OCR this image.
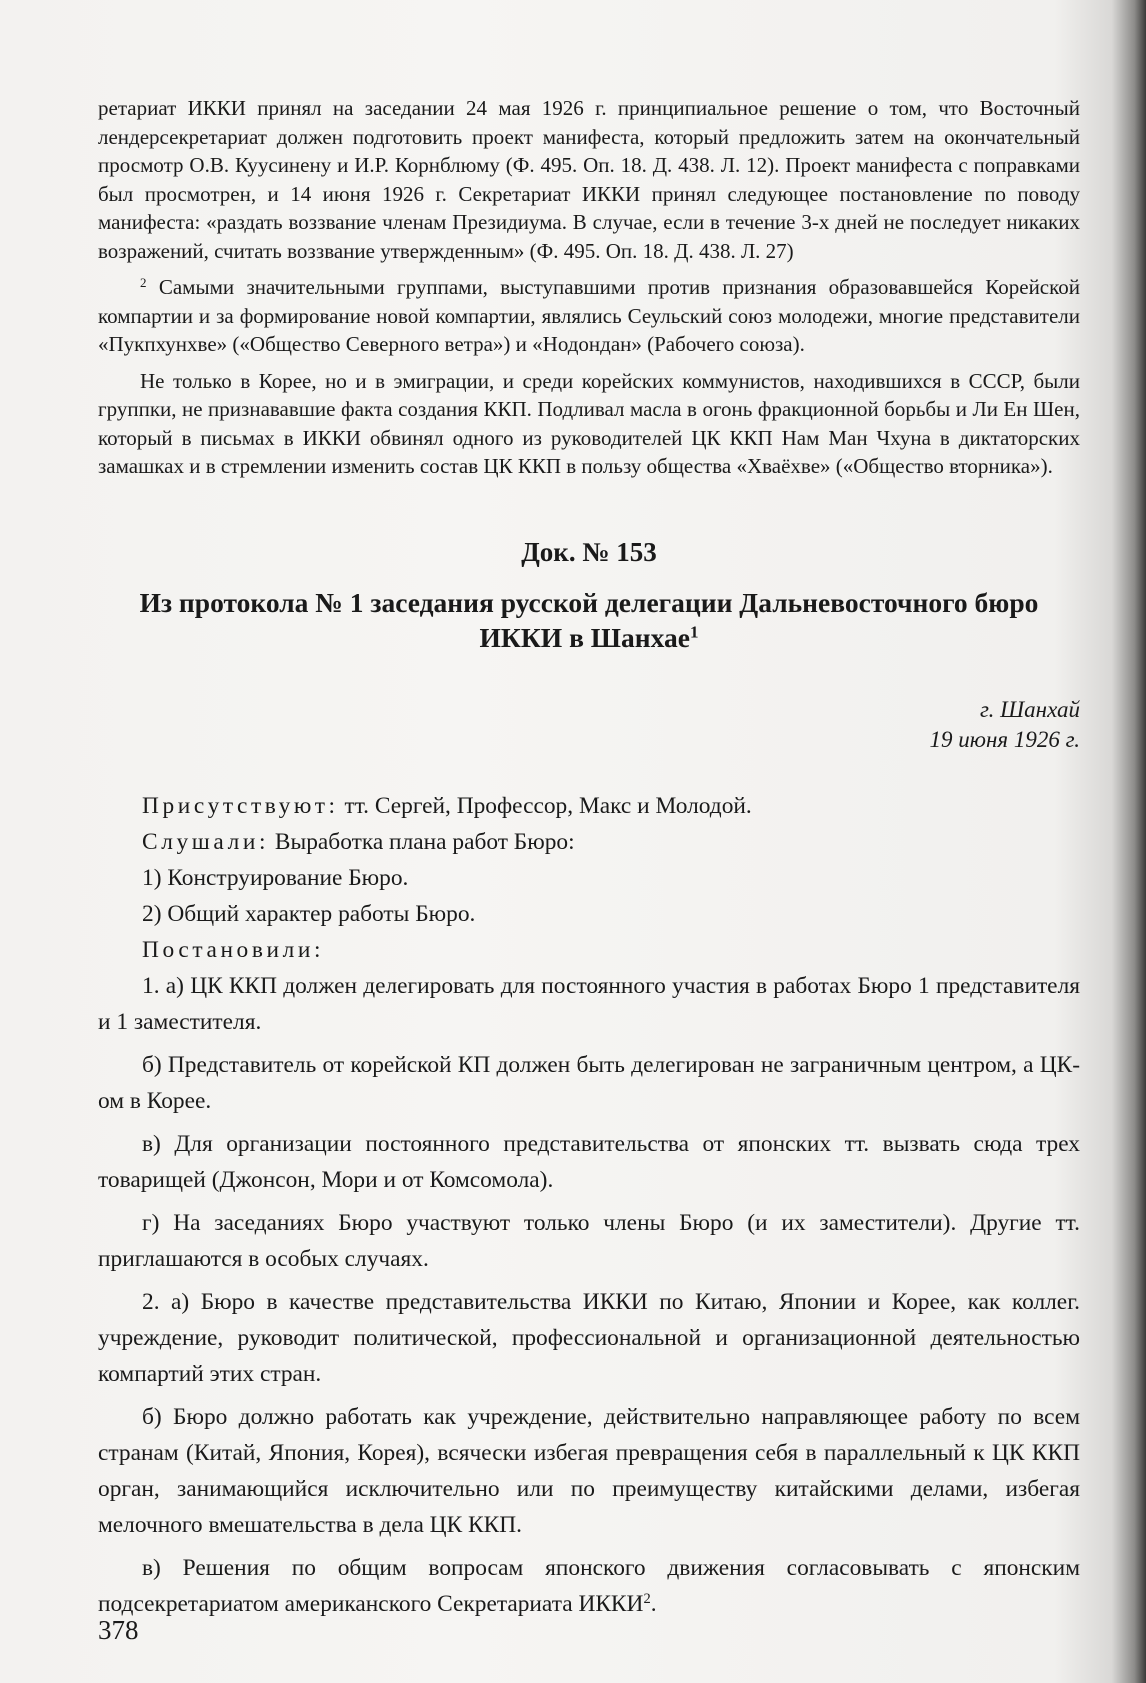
ретариат ИККИ принял на заседании 24 мая 1926 г. принципиальное решение о том, что Восточный лендерсекретариат должен подготовить проект манифеста, который предложить затем на окончательный просмотр О.В. Куусинену и И.Р. Корнблюму (Ф. 495. Оп. 18. Д. 438. Л. 12). Проект манифеста с поправками был просмотрен, и 14 июня 1926 г. Секретариат ИККИ принял следующее постановление по поводу манифеста: «раздать воззвание членам Президиума. В случае, если в течение 3-х дней не последует никаких возражений, считать воззвание утвержденным» (Ф. 495. Оп. 18. Д. 438. Л. 27)

$^2$ Самыми значительными группами, выступавшими против признания образовавшейся Корейской компартии и за формирование новой компартии, являлись Сеульский союз молодежи, многие представители «Пукпхунхве» («Общество Северного ветра») и «Нодондан» (Рабочего союза).

Не только в Корее, но и в эмиграции, и среди корейских коммунистов, находившихся в СССР, были группки, не признававшие факта создания ККП. Подливал масла в огонь фракционной борьбы и Ли Ен Шен, который в письмах в ИККИ обвинял одного из руководителей ЦК ККП Нам Ман Чхуна в диктаторских замашках и в стремлении изменить состав ЦК ККП в пользу общества «Хваёхве» («Общество вторника»).

Док. № 153
Из протокола № 1 заседания русской делегации Дальневосточного бюро ИККИ в Шанхае$^1$
г. Шанхай
19 июня 1926 г.

Присутствуют: тт. Сергей, Профессор, Макс и Молодой.

Слушали: Выработка плана работ Бюро:

1) Конструирование Бюро.

2) Общий характер работы Бюро.

Постановили:

1. а) ЦК ККП должен делегировать для постоянного участия в работах Бюро 1 представителя и 1 заместителя.

б) Представитель от корейской КП должен быть делегирован не заграничным центром, а ЦК-ом в Корее.

в) Для организации постоянного представительства от японских тт. вызвать сюда трех товарищей (Джонсон, Мори и от Комсомола).

г) На заседаниях Бюро участвуют только члены Бюро (и их заместители). Другие тт. приглашаются в особых случаях.

2. а) Бюро в качестве представительства ИККИ по Китаю, Японии и Корее, как коллег. учреждение, руководит политической, профессиональной и организационной деятельностью компартий этих стран.

б) Бюро должно работать как учреждение, действительно направляющее работу по всем странам (Китай, Япония, Корея), всячески избегая превращения себя в параллельный к ЦК ККП орган, занимающийся исключительно или по преимуществу китайскими делами, избегая мелочного вмешательства в дела ЦК ККП.

в) Решения по общим вопросам японского движения согласовывать с японским подсекретариатом американского Секретариата ИККИ$^2$.

378
